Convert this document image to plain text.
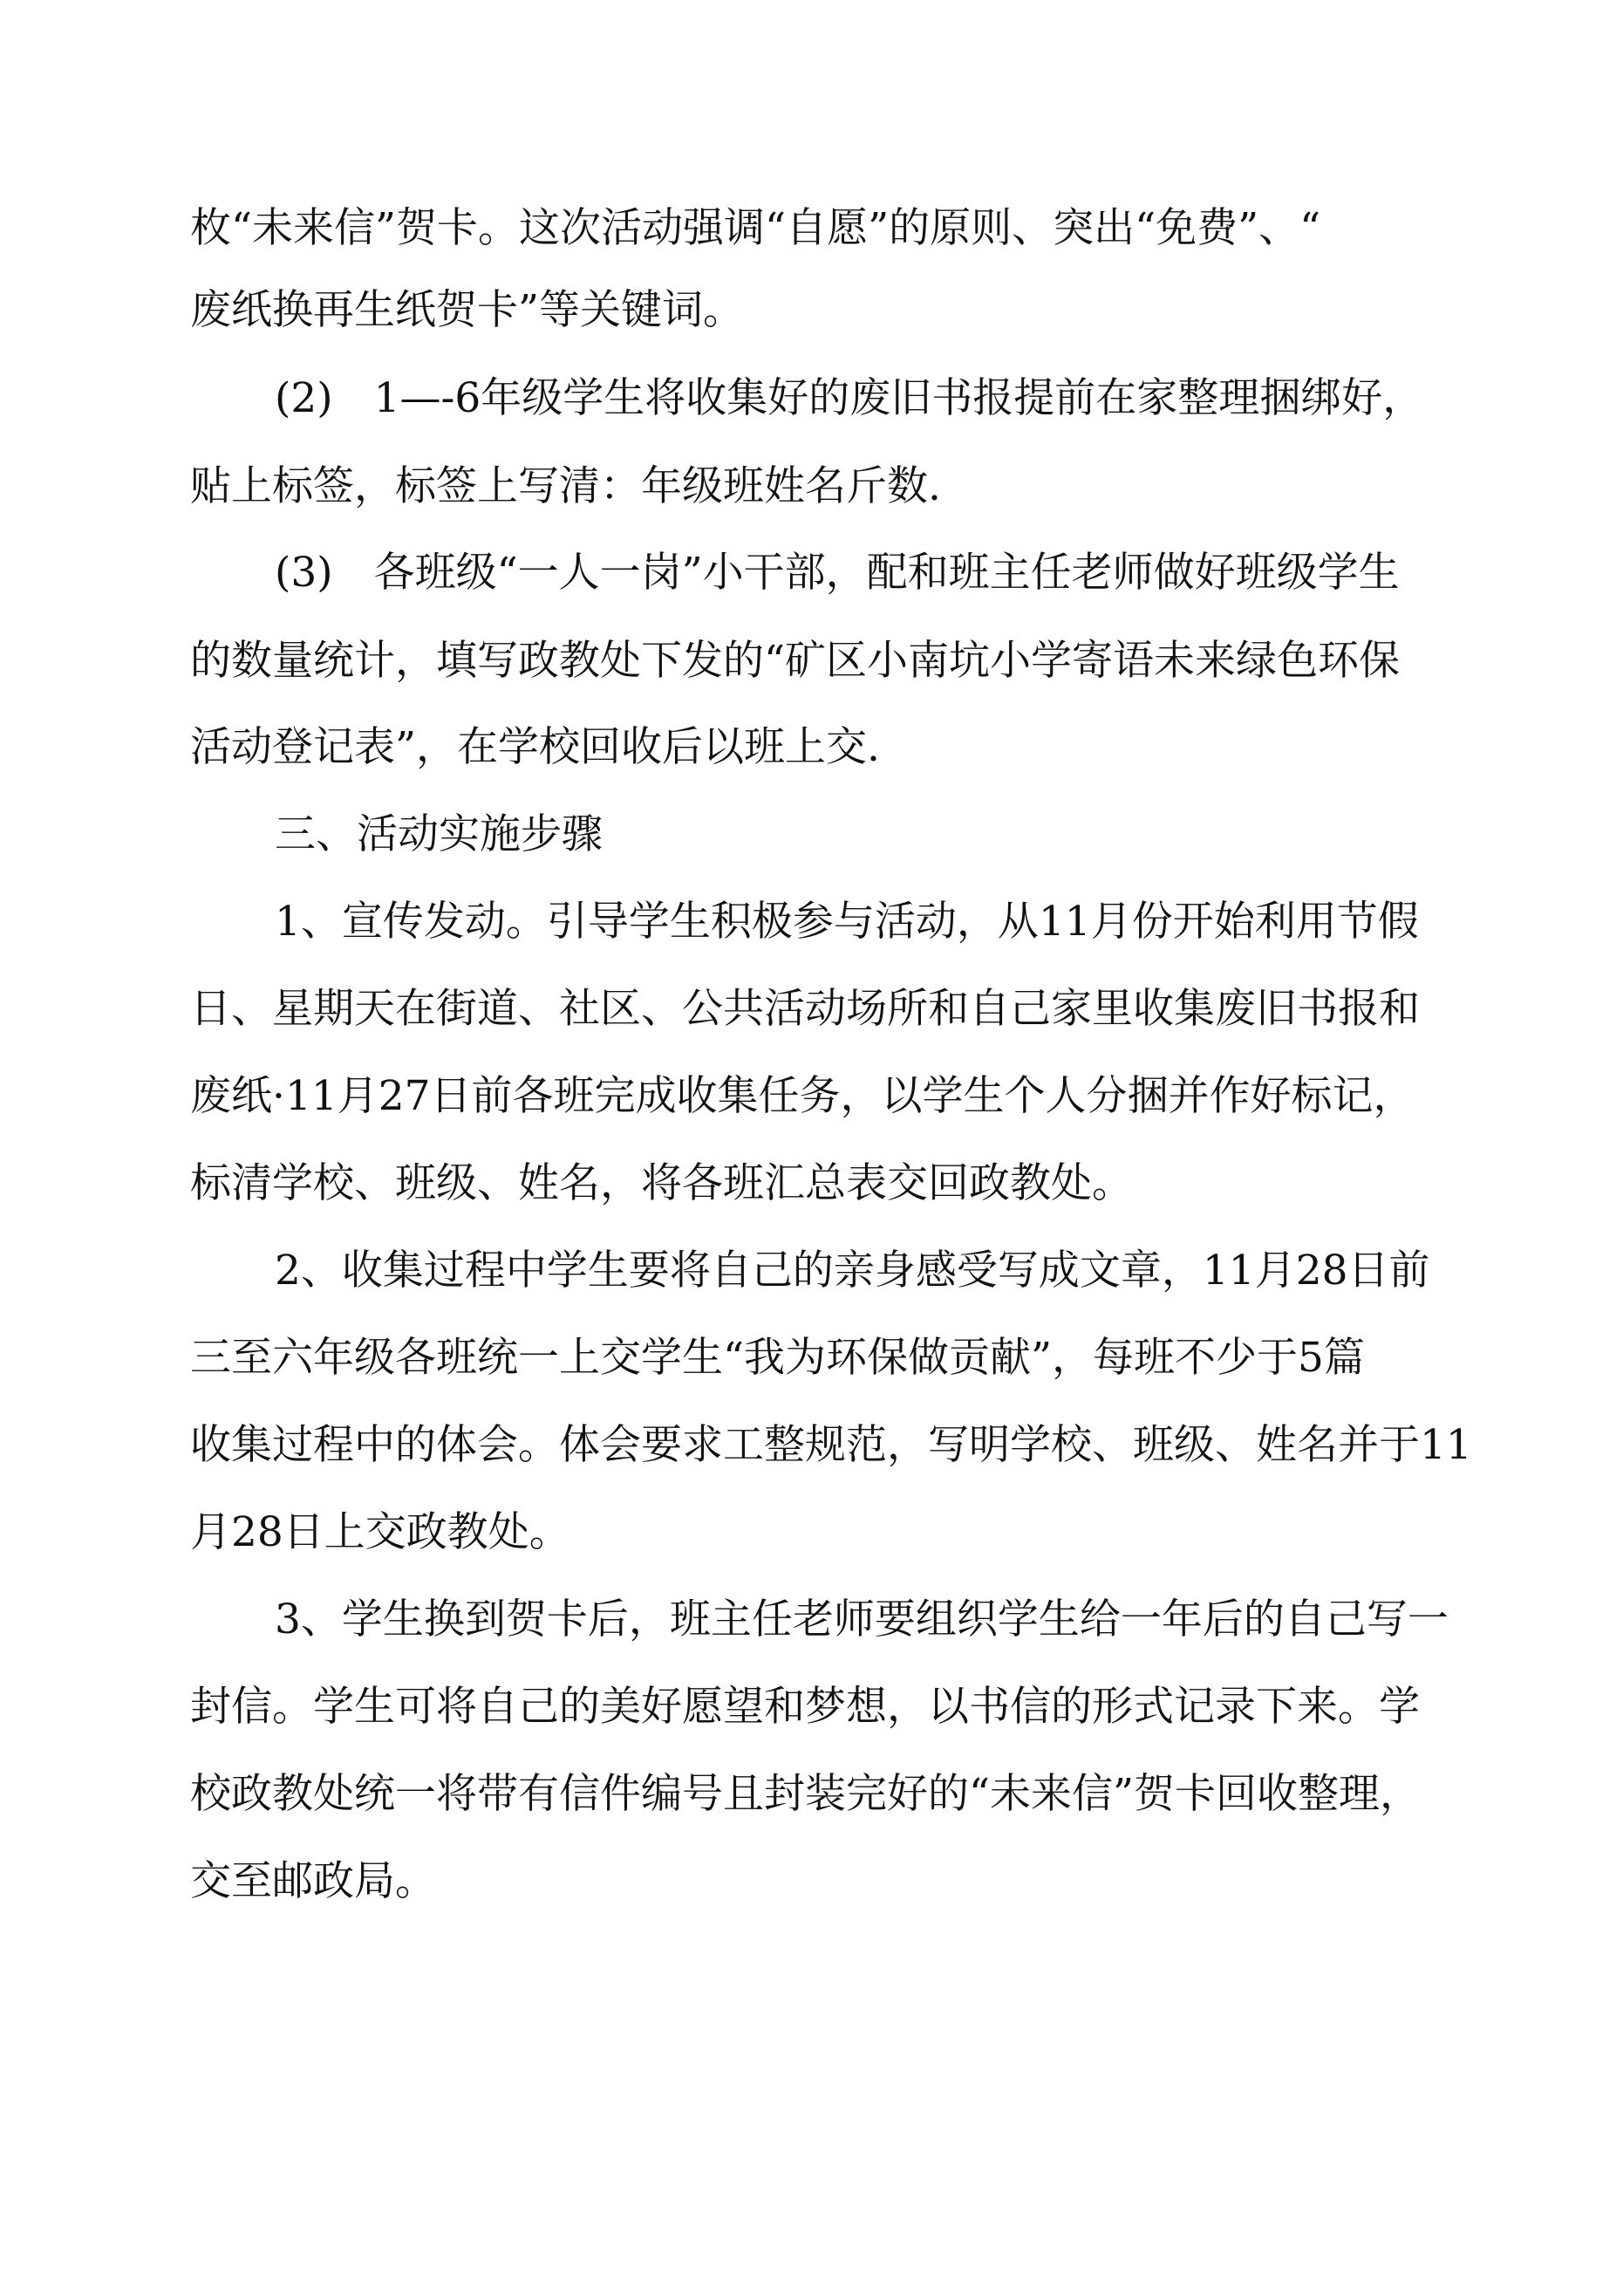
枚“未来信”贺卡。这次活动强调“自愿”的原则、突出“免费”、“
废纸换再生纸贺卡”等关键词。
(2)　1—-6年级学生将收集好的废旧书报提前在家整理捆绑好，
贴上标签，标签上写清：年级班姓名斤数.
(3)　各班级“一人一岗”小干部，配和班主任老师做好班级学生
的数量统计，填写政教处下发的“矿区小南坑小学寄语未来绿色环保
活动登记表”，在学校回收后以班上交.
三、活动实施步骤
1、宣传发动。引导学生积极参与活动，从11月份开始利用节假
日、星期天在街道、社区、公共活动场所和自己家里收集废旧书报和
废纸·11月27日前各班完成收集任务，以学生个人分捆并作好标记，
标清学校、班级、姓名，将各班汇总表交回政教处。
2、收集过程中学生要将自己的亲身感受写成文章，11月28日前
三至六年级各班统一上交学生“我为环保做贡献”，每班不少于5篇
收集过程中的体会。体会要求工整规范，写明学校、班级、姓名并于11
月28日上交政教处。
3、学生换到贺卡后，班主任老师要组织学生给一年后的自己写一
封信。学生可将自己的美好愿望和梦想，以书信的形式记录下来。学
校政教处统一将带有信件编号且封装完好的“未来信”贺卡回收整理，
交至邮政局。
